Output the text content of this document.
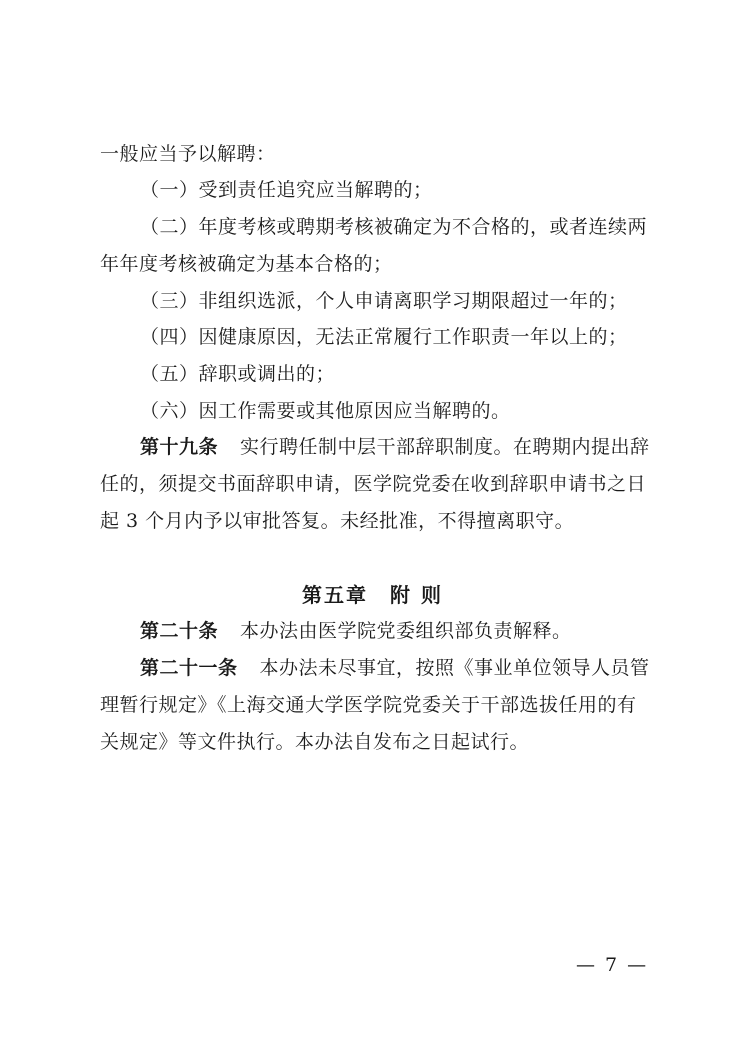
一般应当予以解聘：
（一）受到责任追究应当解聘的；
（二）年度考核或聘期考核被确定为不合格的，或者连续两
年年度考核被确定为基本合格的；
（三）非组织选派，个人申请离职学习期限超过一年的；
（四）因健康原因，无法正常履行工作职责一年以上的；
（五）辞职或调出的；
（六）因工作需要或其他原因应当解聘的。
第十九条 实行聘任制中层干部辞职制度。在聘期内提出辞
任的，须提交书面辞职申请，医学院党委在收到辞职申请书之日
起 3 个月内予以审批答复。未经批准，不得擅离职守。
第五章　附 则
第二十条 本办法由医学院党委组织部负责解释。
第二十一条 本办法未尽事宜，按照《事业单位领导人员管
理暂行规定》《上海交通大学医学院党委关于干部选拔任用的有
关规定》等文件执行。本办法自发布之日起试行。
— 7 —
